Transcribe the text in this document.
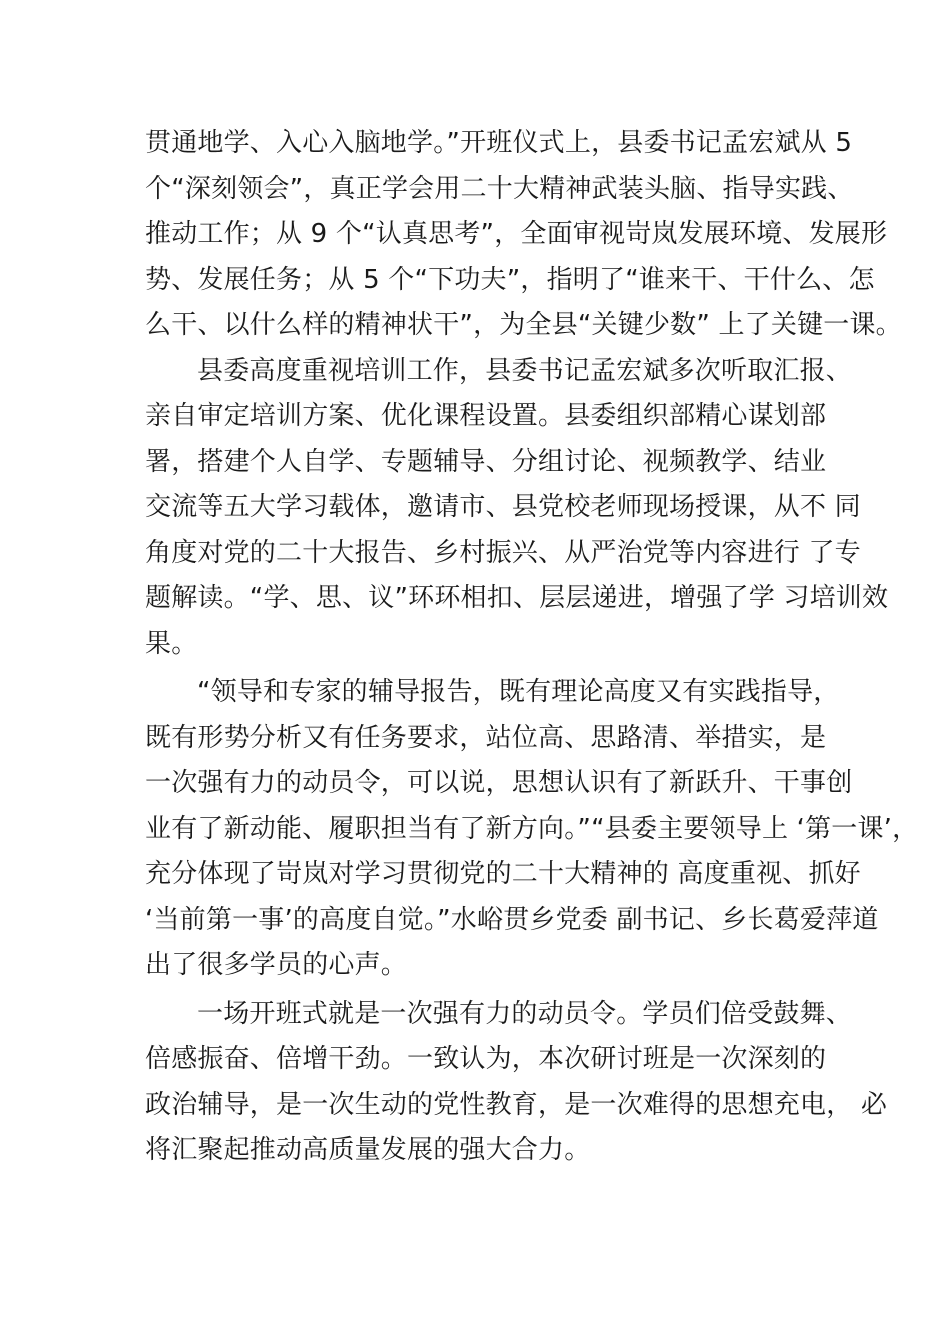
贯通地学、入心入脑地学。”开班仪式上，县委书记孟宏斌从 5
个“深刻领会”，真正学会用二十大精神武装头脑、指导实践、
推动工作；从 9 个“认真思考”，全面审视岢岚发展环境、发展形
势、发展任务；从 5 个“下功夫”，指明了“谁来干、干什么、怎
么干、以什么样的精神状干”，为全县“关键少数” 上了关键一课。
县委高度重视培训工作，县委书记孟宏斌多次听取汇报、
亲自审定培训方案、优化课程设置。县委组织部精心谋划部
署，搭建个人自学、专题辅导、分组讨论、视频教学、结业
交流等五大学习载体，邀请市、县党校老师现场授课，从不 同
角度对党的二十大报告、乡村振兴、从严治党等内容进行 了专
题解读。“学、思、议”环环相扣、层层递进，增强了学 习培训效
果。
“领导和专家的辅导报告，既有理论高度又有实践指导，
既有形势分析又有任务要求，站位高、思路清、举措实，是
一次强有力的动员令，可以说，思想认识有了新跃升、干事创
业有了新动能、履职担当有了新方向。”“县委主要领导上 ‘第一课’，
充分体现了岢岚对学习贯彻党的二十大精神的 高度重视、抓好
‘当前第一事’的高度自觉。”水峪贯乡党委 副书记、乡长葛爱萍道
出了很多学员的心声。
一场开班式就是一次强有力的动员令。学员们倍受鼓舞、
倍感振奋、倍增干劲。一致认为，本次研讨班是一次深刻的
政治辅导，是一次生动的党性教育，是一次难得的思想充电， 必
将汇聚起推动高质量发展的强大合力。
